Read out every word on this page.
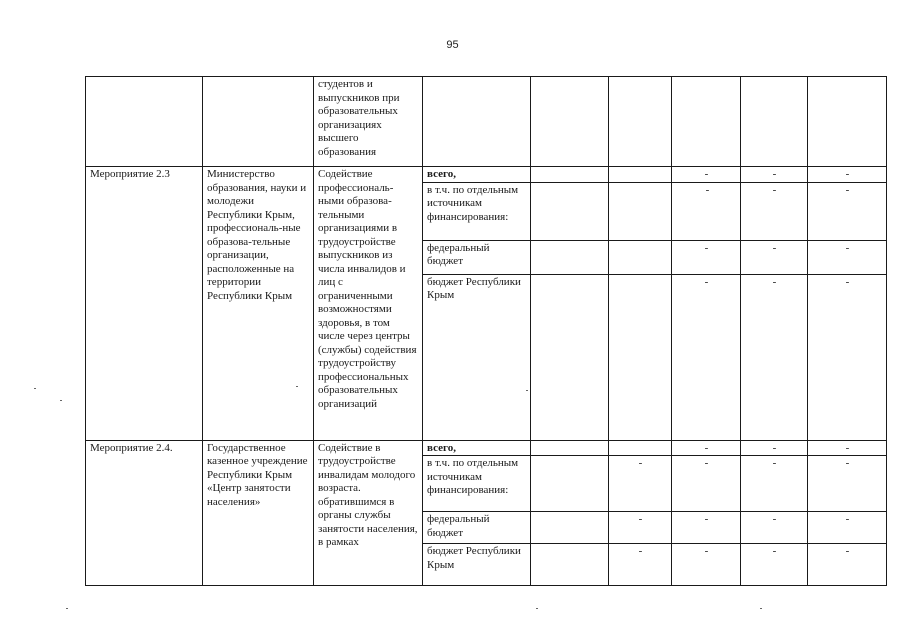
95
		студентов и выпускников при образовательных организациях высшего образования						
Мероприятие 2.3	Министерство образования, науки и молодежи Республики Крым, профессиональ-ные образова-тельные организации, расположенные на территории Республики Крым	Содействие профессиональ-ными образова-тельными организациями в трудоустройстве выпускников из числа инвалидов и лиц с ограниченными возможностями здоровья, в том числе через центры (службы) содействия трудоустройству профессиональных образовательных организаций	всего,			-	-	-
			в т.ч. по отдельным источникам финансирования:			-	-	-
			федеральный бюджет			-	-	-
			бюджет Республики Крым			-	-	-
Мероприятие 2.4.	Государственное казенное учреждение Республики Крым «Центр занятости населения»	Содействие в трудоустройстве инвалидам молодого возраста. обратившимся в органы службы занятости населения, в рамках	всего,			-	-	-
			в т.ч. по отдельным источникам финансирования:		-	-	-	-
			федеральный бюджет		-	-	-	-
			бюджет Республики Крым		-	-	-	-
